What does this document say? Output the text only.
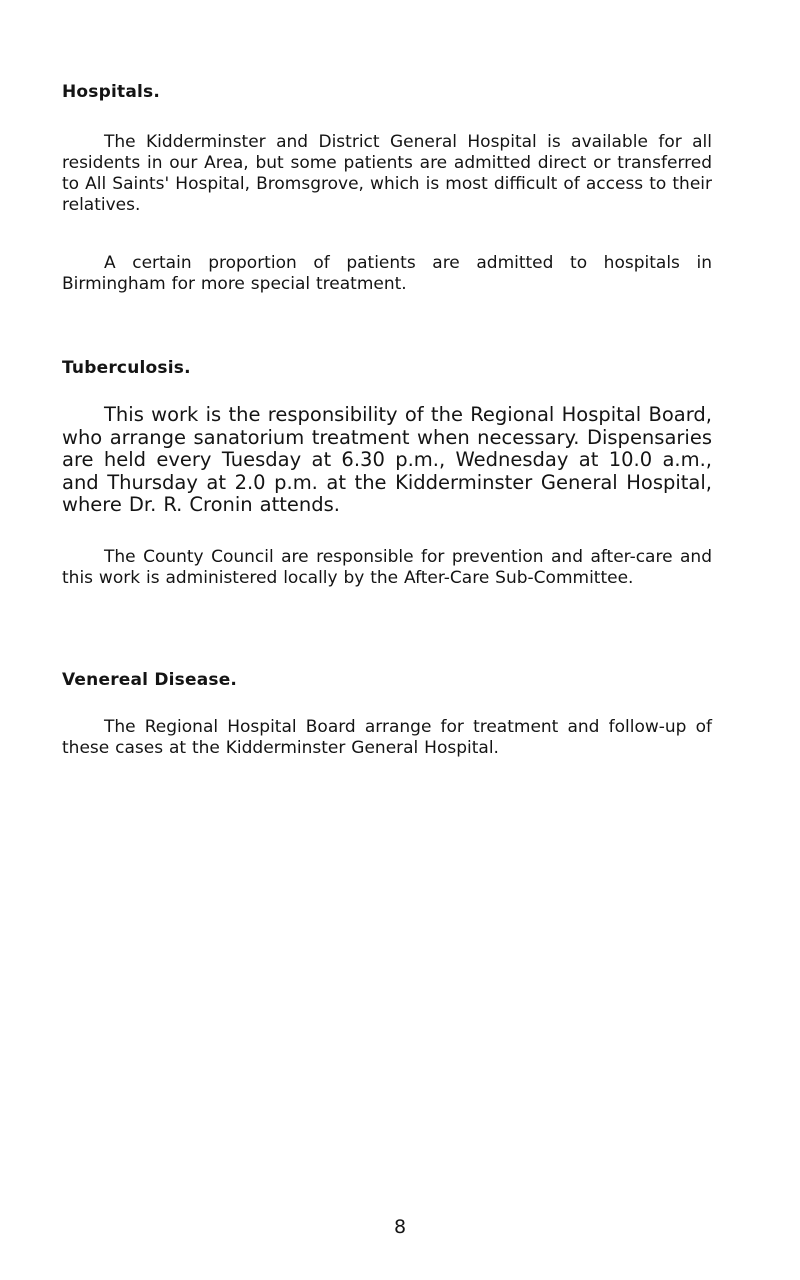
Hospitals.

The Kidderminster and District General Hospital is available for all residents in our Area, but some patients are admitted direct or transferred to All Saints' Hospital, Bromsgrove, which is most difficult of access to their relatives.

A certain proportion of patients are admitted to hospitals in Birmingham for more special treatment.

Tuberculosis.

This work is the responsibility of the Regional Hospital Board, who arrange sanatorium treatment when necessary. Dispensaries are held every Tuesday at 6.30 p.m., Wednesday at 10.0 a.m., and Thursday at 2.0 p.m. at the Kidderminster General Hospital, where Dr. R. Cronin attends.

The County Council are responsible for prevention and after-care and this work is administered locally by the After-Care Sub-Committee.

Venereal Disease.

The Regional Hospital Board arrange for treatment and follow-up of these cases at the Kidderminster General Hospital.

8
